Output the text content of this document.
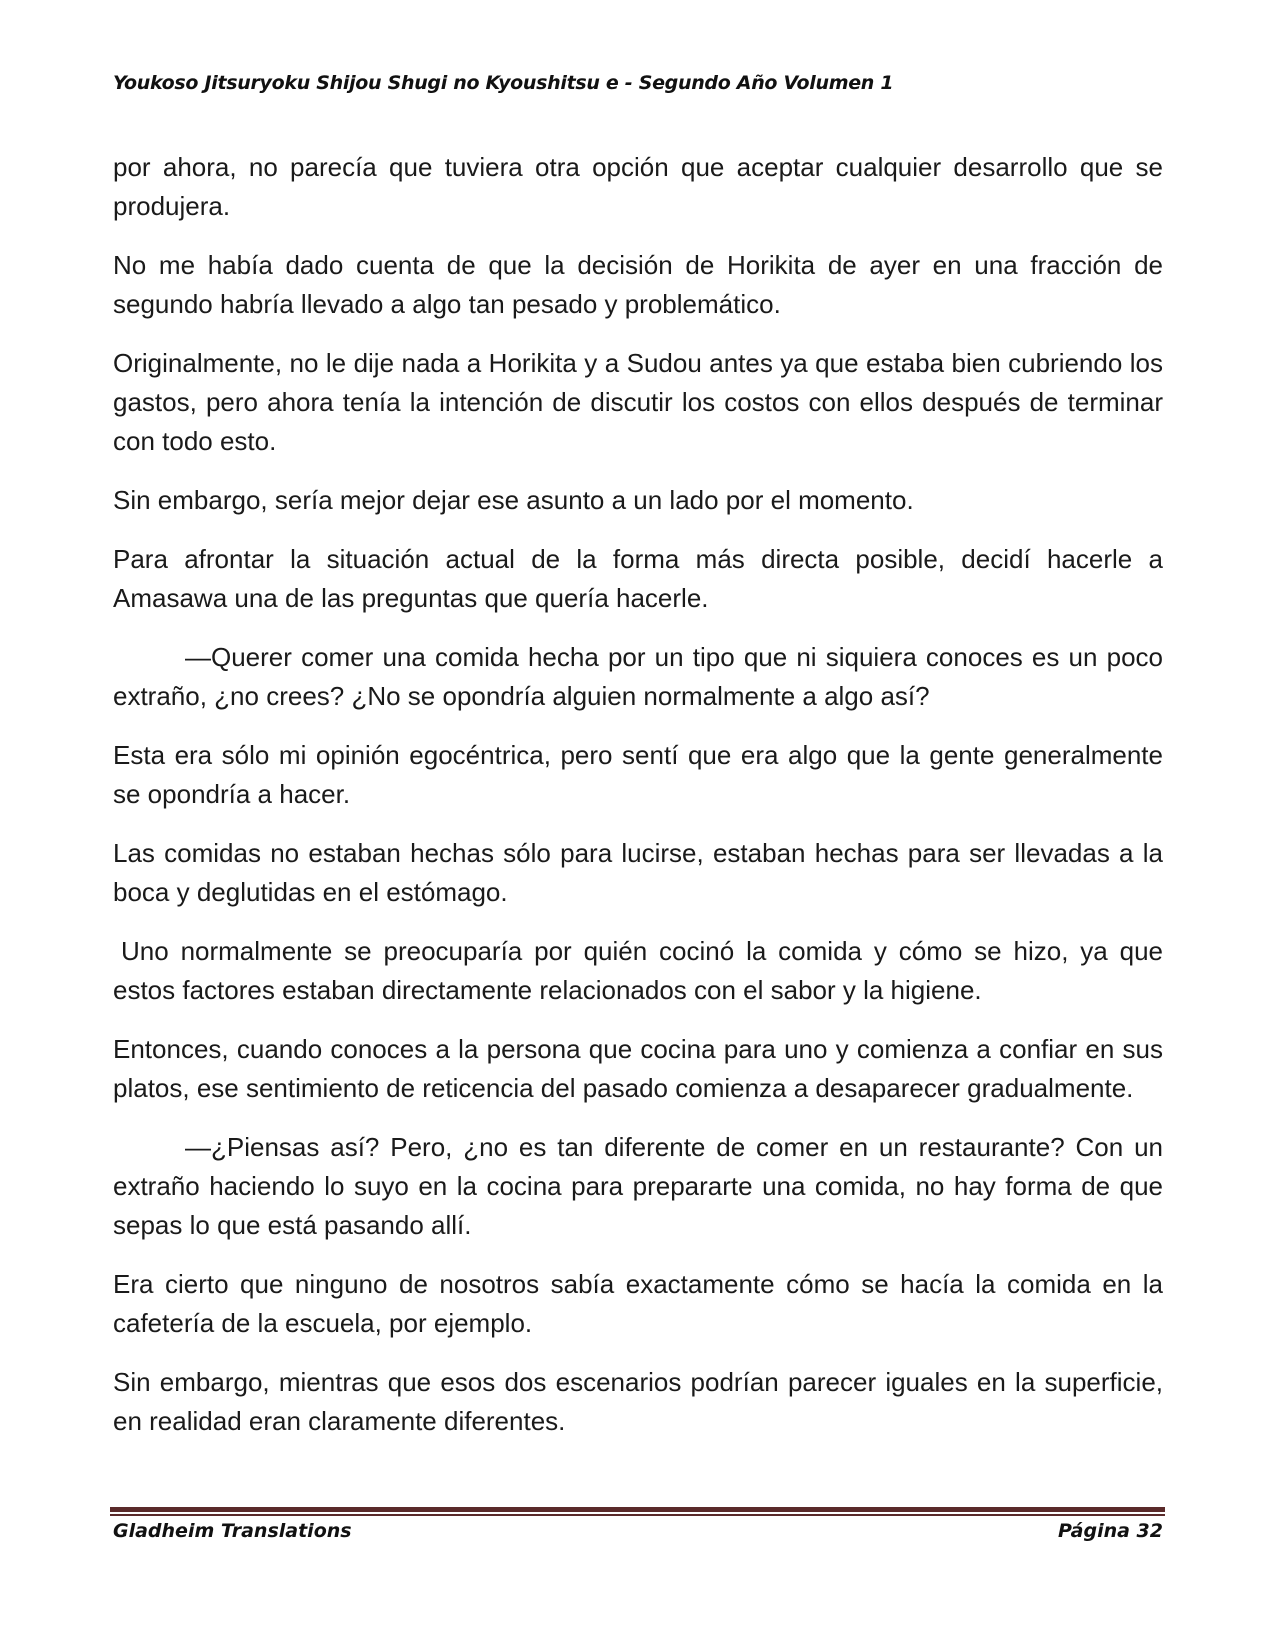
Youkoso Jitsuryoku Shijou Shugi no Kyoushitsu e - Segundo Año Volumen 1

por ahora, no parecía que tuviera otra opción que aceptar cualquier desarrollo que se produjera.

No me había dado cuenta de que la decisión de Horikita de ayer en una fracción de segundo habría llevado a algo tan pesado y problemático.

Originalmente, no le dije nada a Horikita y a Sudou antes ya que estaba bien cubriendo los gastos, pero ahora tenía la intención de discutir los costos con ellos después de terminar con todo esto.

Sin embargo, sería mejor dejar ese asunto a un lado por el momento.

Para afrontar la situación actual de la forma más directa posible, decidí hacerle a Amasawa una de las preguntas que quería hacerle.

—Querer comer una comida hecha por un tipo que ni siquiera conoces es un poco extraño, ¿no crees? ¿No se opondría alguien normalmente a algo así?

Esta era sólo mi opinión egocéntrica, pero sentí que era algo que la gente generalmente se opondría a hacer.

Las comidas no estaban hechas sólo para lucirse, estaban hechas para ser llevadas a la boca y deglutidas en el estómago.

Uno normalmente se preocuparía por quién cocinó la comida y cómo se hizo, ya que estos factores estaban directamente relacionados con el sabor y la higiene.

Entonces, cuando conoces a la persona que cocina para uno y comienza a confiar en sus platos, ese sentimiento de reticencia del pasado comienza a desaparecer gradualmente.

—¿Piensas así? Pero, ¿no es tan diferente de comer en un restaurante? Con un extraño haciendo lo suyo en la cocina para prepararte una comida, no hay forma de que sepas lo que está pasando allí.

Era cierto que ninguno de nosotros sabía exactamente cómo se hacía la comida en la cafetería de la escuela, por ejemplo.

Sin embargo, mientras que esos dos escenarios podrían parecer iguales en la superficie, en realidad eran claramente diferentes.

Gladheim Translations	Página 32
